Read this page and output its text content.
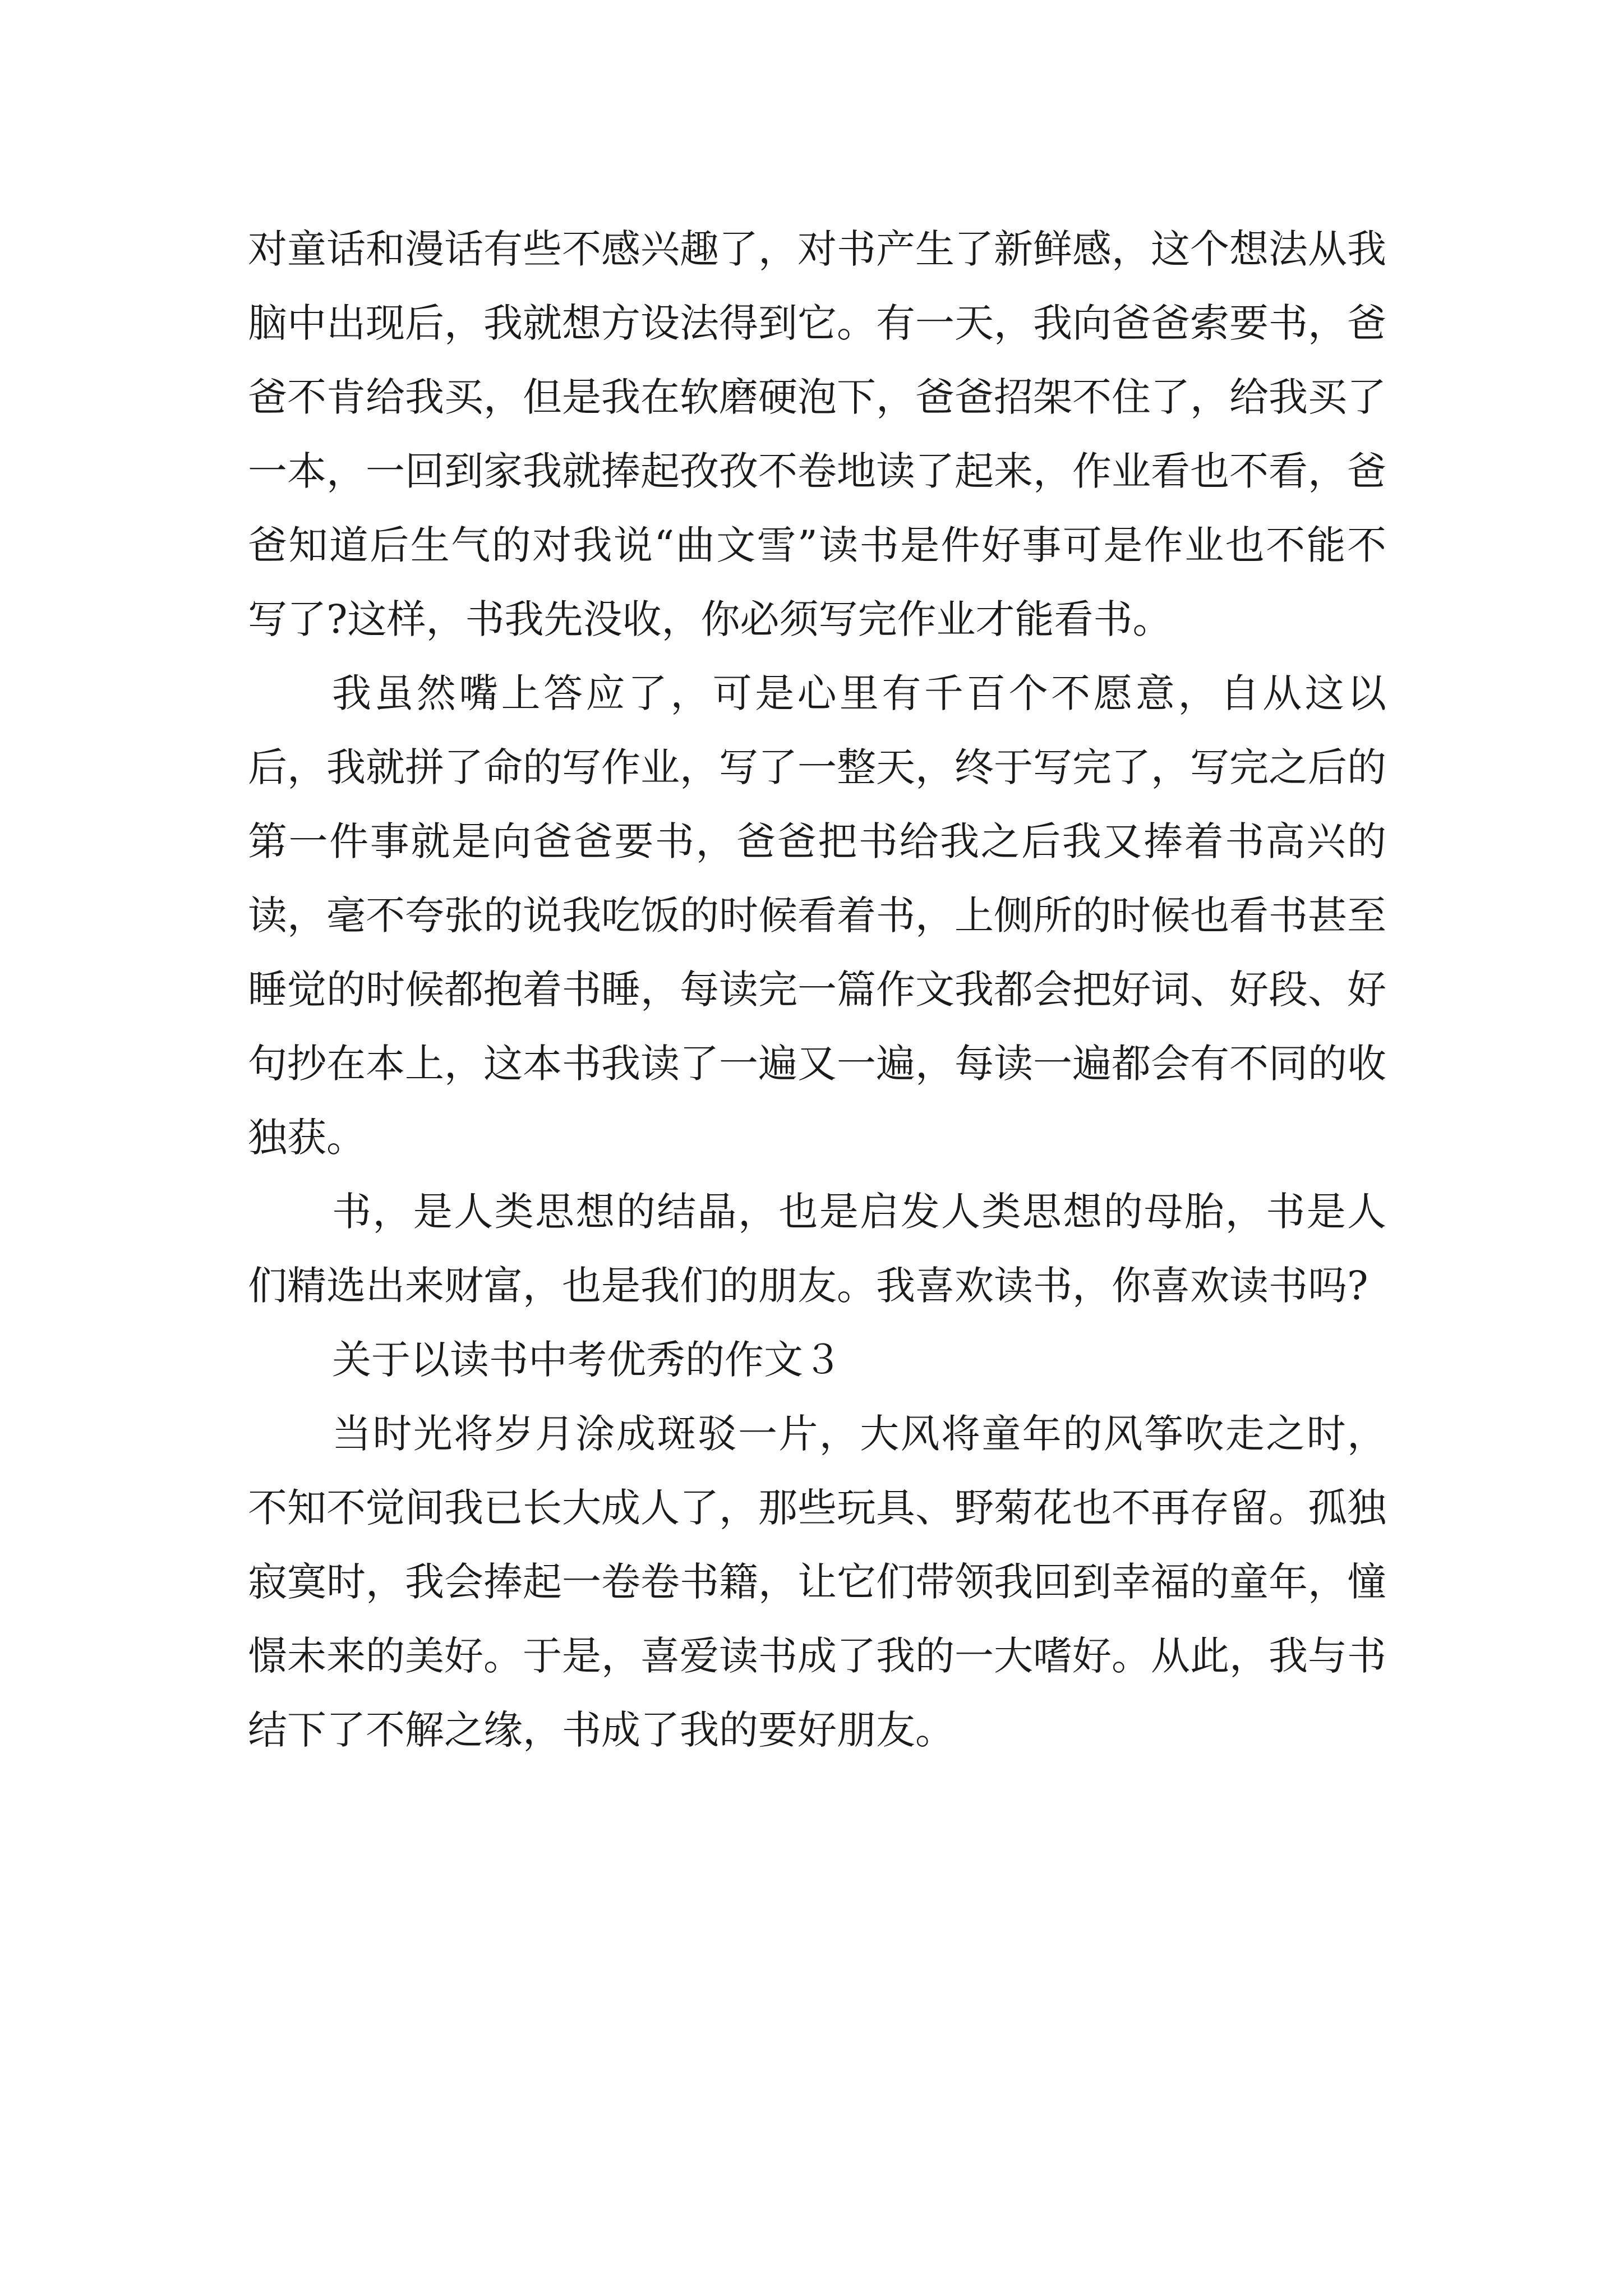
对童话和漫话有些不感兴趣了，对书产生了新鲜感，这个想法从我脑中出现后，我就想方设法得到它。有一天，我向爸爸索要书，爸爸不肯给我买，但是我在软磨硬泡下，爸爸招架不住了，给我买了一本，一回到家我就捧起孜孜不卷地读了起来，作业看也不看，爸爸知道后生气的对我说“曲文雪”读书是件好事可是作业也不能不写了?这样，书我先没收，你必须写完作业才能看书。

我虽然嘴上答应了，可是心里有千百个不愿意，自从这以后，我就拼了命的写作业，写了一整天，终于写完了，写完之后的第一件事就是向爸爸要书，爸爸把书给我之后我又捧着书高兴的读，毫不夸张的说我吃饭的时候看着书，上侧所的时候也看书甚至睡觉的时候都抱着书睡，每读完一篇作文我都会把好词、好段、好句抄在本上，这本书我读了一遍又一遍，每读一遍都会有不同的收独获。

书，是人类思想的结晶，也是启发人类思想的母胎，书是人们精选出来财富，也是我们的朋友。我喜欢读书，你喜欢读书吗?

关于以读书中考优秀的作文３

当时光将岁月涂成斑驳一片，大风将童年的风筝吹走之时，不知不觉间我已长大成人了，那些玩具、野菊花也不再存留。孤独寂寞时，我会捧起一卷卷书籍，让它们带领我回到幸福的童年，憧憬未来的美好。于是，喜爱读书成了我的一大嗜好。从此，我与书结下了不解之缘，书成了我的要好朋友。
